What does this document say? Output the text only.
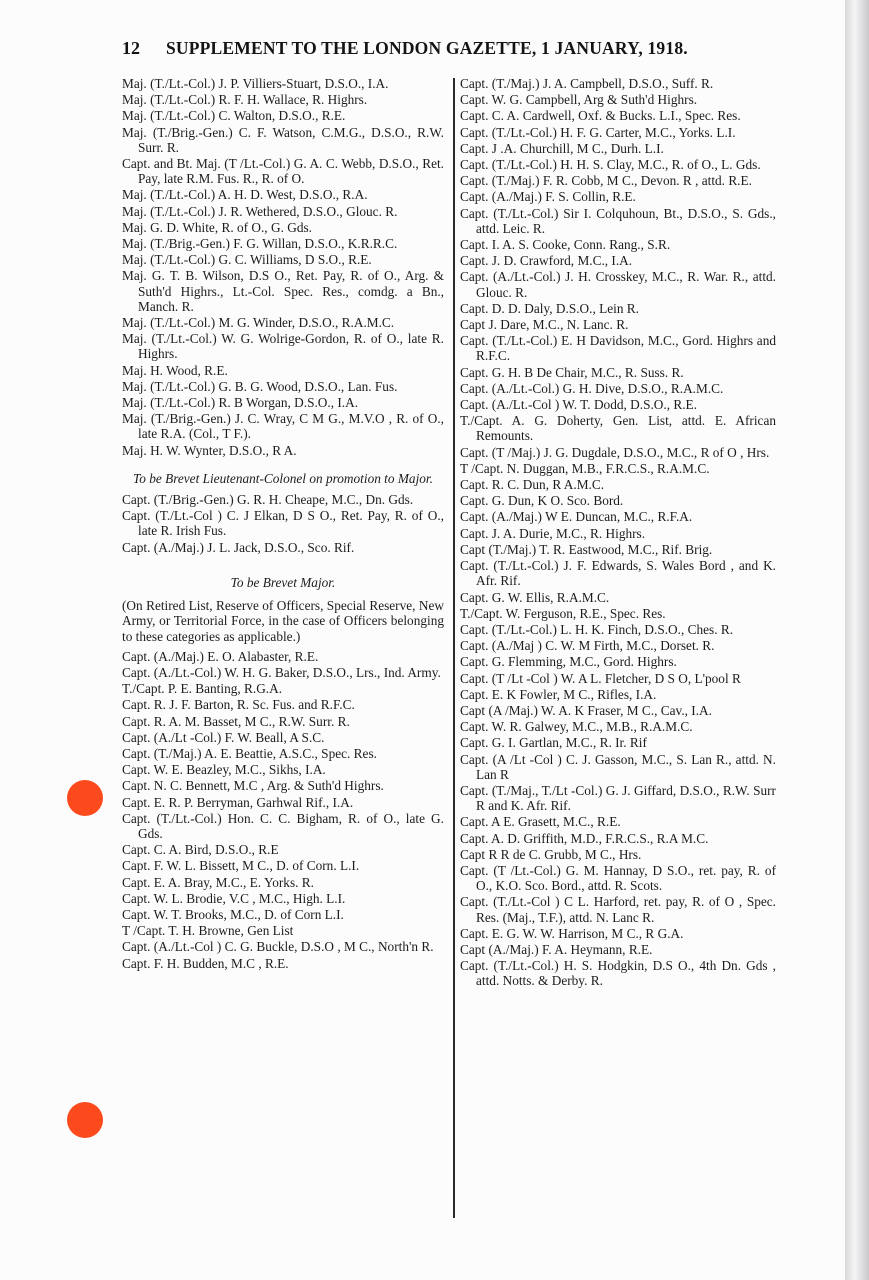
12 SUPPLEMENT TO THE LONDON GAZETTE, 1 JANUARY, 1918.
Maj. (T./Lt.-Col.) J. P. Villiers-Stuart, D.S.O., I.A.
Maj. (T./Lt.-Col.) R. F. H. Wallace, R. Highrs.
Maj. (T./Lt.-Col.) C. Walton, D.S.O., R.E.
Maj. (T./Brig.-Gen.) C. F. Watson, C.M.G., D.S.O., R.W. Surr. R.
Capt. and Bt. Maj. (T /Lt.-Col.) G. A. C. Webb, D.S.O., Ret. Pay, late R.M. Fus. R., R. of O.
Maj. (T./Lt.-Col.) A. H. D. West, D.S.O., R.A.
Maj. (T./Lt.-Col.) J. R. Wethered, D.S.O., Glouc. R.
Maj. G. D. White, R. of O., G. Gds.
Maj. (T./Brig.-Gen.) F. G. Willan, D.S.O., K.R.R.C.
Maj. (T./Lt.-Col.) G. C. Williams, D S.O., R.E.
Maj. G. T. B. Wilson, D.S O., Ret. Pay, R. of O., Arg. & Suth'd Highrs., Lt.-Col. Spec. Res., comdg. a Bn., Manch. R.
Maj. (T./Lt.-Col.) M. G. Winder, D.S.O., R.A.M.C.
Maj. (T./Lt.-Col.) W. G. Wolrige-Gordon, R. of O., late R. Highrs.
Maj. H. Wood, R.E.
Maj. (T./Lt.-Col.) G. B. G. Wood, D.S.O., Lan. Fus.
Maj. (T./Lt.-Col.) R. B Worgan, D.S.O., I.A.
Maj. (T./Brig.-Gen.) J. C. Wray, C M G., M.V.O , R. of O., late R.A. (Col., T F.).
Maj. H. W. Wynter, D.S.O., R A.
To be Brevet Lieutenant-Colonel on promotion to Major.
Capt. (T./Brig.-Gen.) G. R. H. Cheape, M.C., Dn. Gds.
Capt. (T./Lt.-Col ) C. J Elkan, D S O., Ret. Pay, R. of O., late R. Irish Fus.
Capt. (A./Maj.) J. L. Jack, D.S.O., Sco. Rif.
To be Brevet Major.
(On Retired List, Reserve of Officers, Special Reserve, New Army, or Territorial Force, in the case of Officers belonging to these categories as applicable.)
Capt. (A./Maj.) E. O. Alabaster, R.E.
Capt. (A./Lt.-Col.) W. H. G. Baker, D.S.O., Lrs., Ind. Army.
T./Capt. P. E. Banting, R.G.A.
Capt. R. J. F. Barton, R. Sc. Fus. and R.F.C.
Capt. R. A. M. Basset, M C., R.W. Surr. R.
Capt. (A./Lt -Col.) F. W. Beall, A S.C.
Capt. (T./Maj.) A. E. Beattie, A.S.C., Spec. Res.
Capt. W. E. Beazley, M.C., Sikhs, I.A.
Capt. N. C. Bennett, M.C , Arg. & Suth'd Highrs.
Capt. E. R. P. Berryman, Garhwal Rif., I.A.
Capt. (T./Lt.-Col.) Hon. C. C. Bigham, R. of O., late G. Gds.
Capt. C. A. Bird, D.S.O., R.E
Capt. F. W. L. Bissett, M C., D. of Corn. L.I.
Capt. E. A. Bray, M.C., E. Yorks. R.
Capt. W. L. Brodie, V.C , M.C., High. L.I.
Capt. W. T. Brooks, M.C., D. of Corn L.I.
T /Capt. T. H. Browne, Gen List
Capt. (A./Lt.-Col ) C. G. Buckle, D.S.O , M C., North'n R.
Capt. F. H. Budden, M.C , R.E.
Capt. (T./Maj.) J. A. Campbell, D.S.O., Suff. R.
Capt. W. G. Campbell, Arg & Suth'd Highrs.
Capt. C. A. Cardwell, Oxf. & Bucks. L.I., Spec. Res.
Capt. (T./Lt.-Col.) H. F. G. Carter, M.C., Yorks. L.I.
Capt. J .A. Churchill, M C., Durh. L.I.
Capt. (T./Lt.-Col.) H. H. S. Clay, M.C., R. of O., L. Gds.
Capt. (T./Maj.) F. R. Cobb, M C., Devon. R , attd. R.E.
Capt. (A./Maj.) F. S. Collin, R.E.
Capt. (T./Lt.-Col.) Sir I. Colquhoun, Bt., D.S.O., S. Gds., attd. Leic. R.
Capt. I. A. S. Cooke, Conn. Rang., S.R.
Capt. J. D. Crawford, M.C., I.A.
Capt. (A./Lt.-Col.) J. H. Crosskey, M.C., R. War. R., attd. Glouc. R.
Capt. D. D. Daly, D.S.O., Lein R.
Capt J. Dare, M.C., N. Lanc. R.
Capt. (T./Lt.-Col.) E. H Davidson, M.C., Gord. Highrs and R.F.C.
Capt. G. H. B De Chair, M.C., R. Suss. R.
Capt. (A./Lt.-Col.) G. H. Dive, D.S.O., R.A.M.C.
Capt. (A./Lt.-Col ) W. T. Dodd, D.S.O., R.E.
T./Capt. A. G. Doherty, Gen. List, attd. E. African Remounts.
Capt. (T /Maj.) J. G. Dugdale, D.S.O., M.C., R of O , Hrs.
T /Capt. N. Duggan, M.B., F.R.C.S., R.A.M.C.
Capt. R. C. Dun, R A.M.C.
Capt. G. Dun, K O. Sco. Bord.
Capt. (A./Maj.) W E. Duncan, M.C., R.F.A.
Capt. J. A. Durie, M.C., R. Highrs.
Capt (T./Maj.) T. R. Eastwood, M.C., Rif. Brig.
Capt. (T./Lt.-Col.) J. F. Edwards, S. Wales Bord , and K. Afr. Rif.
Capt. G. W. Ellis, R.A.M.C.
T./Capt. W. Ferguson, R.E., Spec. Res.
Capt. (T./Lt.-Col.) L. H. K. Finch, D.S.O., Ches. R.
Capt. (A./Maj ) C. W. M Firth, M.C., Dorset. R.
Capt. G. Flemming, M.C., Gord. Highrs.
Capt. (T /Lt -Col ) W. A L. Fletcher, D S O, L'pool R
Capt. E. K Fowler, M C., Rifles, I.A.
Capt (A /Maj.) W. A. K Fraser, M C., Cav., I.A.
Capt. W. R. Galwey, M.C., M.B., R.A.M.C.
Capt. G. I. Gartlan, M.C., R. Ir. Rif
Capt. (A /Lt -Col ) C. J. Gasson, M.C., S. Lan R., attd. N. Lan R
Capt. (T./Maj., T./Lt -Col.) G. J. Giffard, D.S.O., R.W. Surr R and K. Afr. Rif.
Capt. A E. Grasett, M.C., R.E.
Capt. A. D. Griffith, M.D., F.R.C.S., R.A M.C.
Capt R R de C. Grubb, M C., Hrs.
Capt. (T /Lt.-Col.) G. M. Hannay, D S.O., ret. pay, R. of O., K.O. Sco. Bord., attd. R. Scots.
Capt. (T./Lt.-Col ) C L. Harford, ret. pay, R. of O , Spec. Res. (Maj., T.F.), attd. N. Lanc R.
Capt. E. G. W. W. Harrison, M C., R G.A.
Capt (A./Maj.) F. A. Heymann, R.E.
Capt. (T./Lt.-Col.) H. S. Hodgkin, D.S O., 4th Dn. Gds , attd. Notts. & Derby. R.
